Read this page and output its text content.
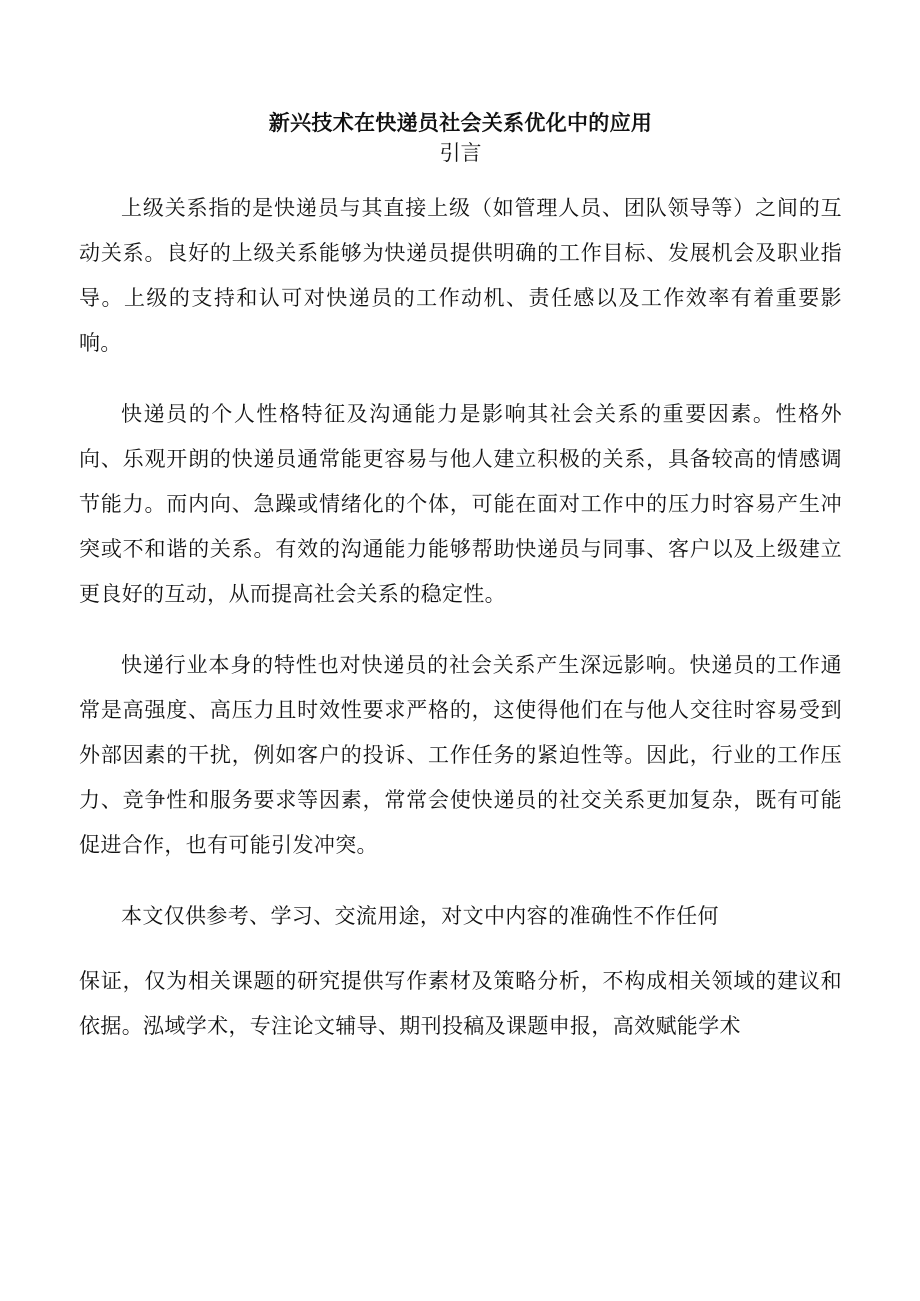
新兴技术在快递员社会关系优化中的应用
引言

上级关系指的是快递员与其直接上级（如管理人员、团队领导等）之间的互动关系。良好的上级关系能够为快递员提供明确的工作目标、发展机会及职业指导。上级的支持和认可对快递员的工作动机、责任感以及工作效率有着重要影响。

快递员的个人性格特征及沟通能力是影响其社会关系的重要因素。性格外向、乐观开朗的快递员通常能更容易与他人建立积极的关系，具备较高的情感调节能力。而内向、急躁或情绪化的个体，可能在面对工作中的压力时容易产生冲突或不和谐的关系。有效的沟通能力能够帮助快递员与同事、客户以及上级建立更良好的互动，从而提高社会关系的稳定性。

快递行业本身的特性也对快递员的社会关系产生深远影响。快递员的工作通常是高强度、高压力且时效性要求严格的，这使得他们在与他人交往时容易受到外部因素的干扰，例如客户的投诉、工作任务的紧迫性等。因此，行业的工作压力、竞争性和服务要求等因素，常常会使快递员的社交关系更加复杂，既有可能促进合作，也有可能引发冲突。

本文仅供参考、学习、交流用途，对文中内容的准确性不作任何

保证，仅为相关课题的研究提供写作素材及策略分析，不构成相关领域的建议和依据。泓域学术，专注论文辅导、期刊投稿及课题申报，高效赋能学术
